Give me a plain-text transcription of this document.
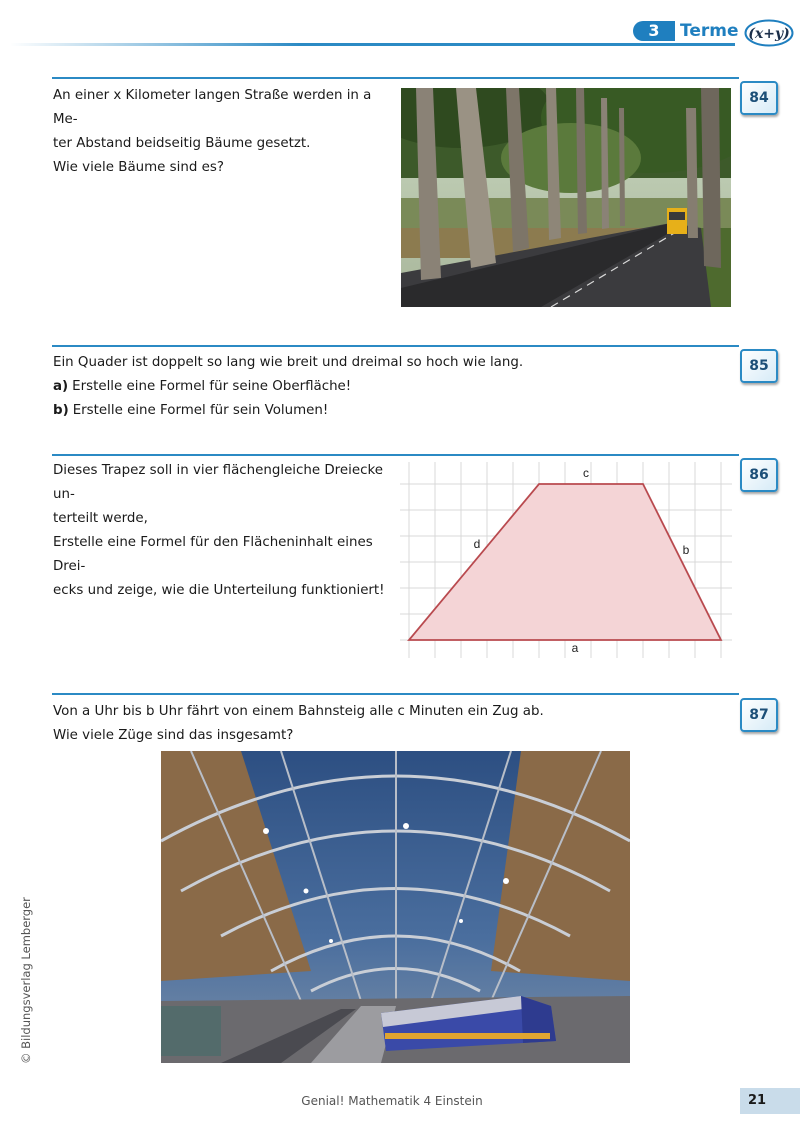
3	Terme (x+y)
84
An einer x Kilometer langen Straße werden in a Me-
ter Abstand beidseitig Bäume gesetzt.
Wie viele Bäume sind es?
85
Ein Quader ist doppelt so lang wie breit und dreimal so hoch wie lang.
a) Erstelle eine Formel für seine Oberfläche!
b) Erstelle eine Formel für sein Volumen!
86
Dieses Trapez soll in vier flächengleiche Dreiecke un-
terteilt werde,
Erstelle eine Formel für den Flächeninhalt eines Drei-
ecks und zeige, wie die Unterteilung funktioniert!
c
d	b
a
87
Von a Uhr bis b Uhr fährt von einem Bahnsteig alle c Minuten ein Zug ab.
Wie viele Züge sind das insgesamt?
Genial! Mathematik 4 Einstein	21
© Bildungsverlag Lemberger
